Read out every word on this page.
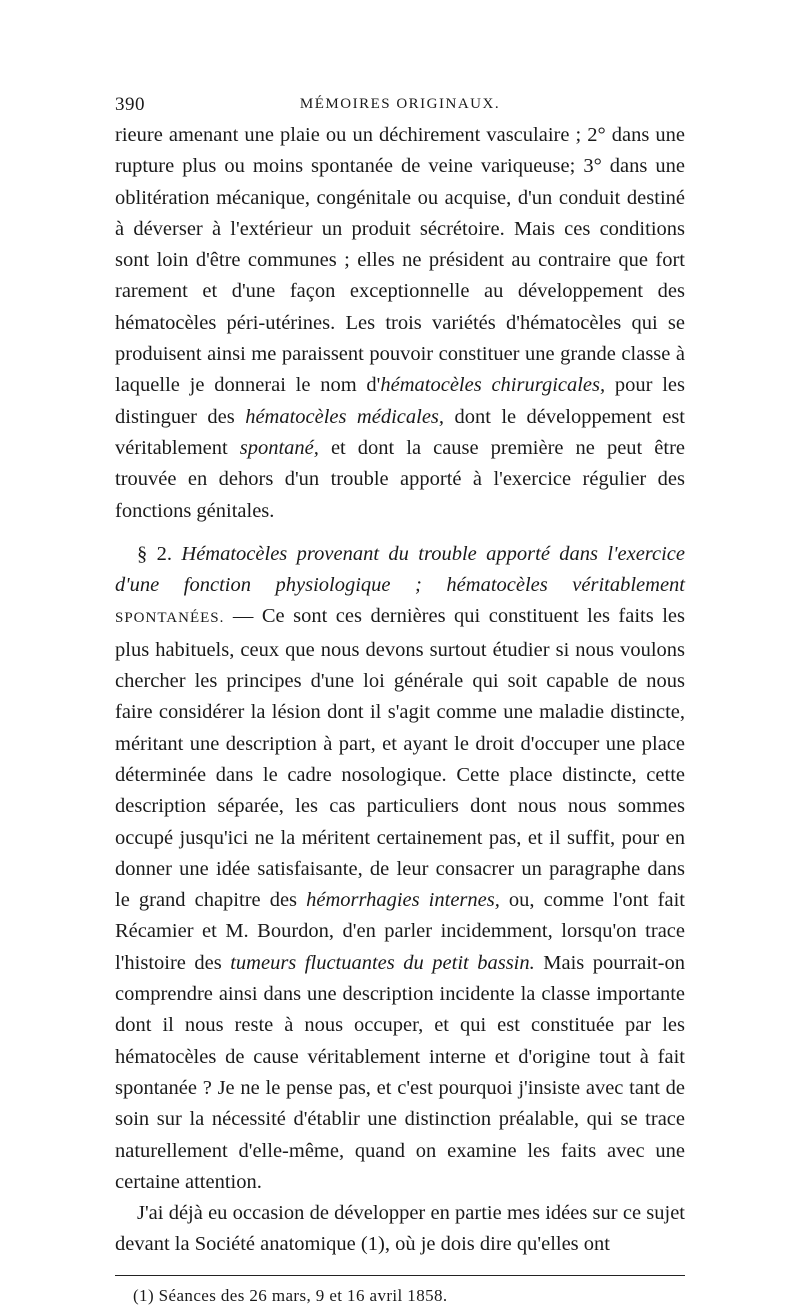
390	MÉMOIRES ORIGINAUX.

rieure amenant une plaie ou un déchirement vasculaire ; 2° dans une rupture plus ou moins spontanée de veine variqueuse; 3° dans une oblitération mécanique, congénitale ou acquise, d'un conduit destiné à déverser à l'extérieur un produit sécrétoire. Mais ces conditions sont loin d'être communes ; elles ne président au contraire que fort rarement et d'une façon exceptionnelle au développement des hématocèles péri-utérines. Les trois variétés d'hématocèles qui se produisent ainsi me paraissent pouvoir constituer une grande classe à laquelle je donnerai le nom d'hématocèles chirurgicales, pour les distinguer des hématocèles médicales, dont le développement est véritablement spontané, et dont la cause première ne peut être trouvée en dehors d'un trouble apporté à l'exercice régulier des fonctions génitales.

§ 2. Hématocèles provenant du trouble apporté dans l'exercice d'une fonction physiologique ; hématocèles véritablement SPONTANÉES. — Ce sont ces dernières qui constituent les faits les plus habituels, ceux que nous devons surtout étudier si nous voulons chercher les principes d'une loi générale qui soit capable de nous faire considérer la lésion dont il s'agit comme une maladie distincte, méritant une description à part, et ayant le droit d'occuper une place déterminée dans le cadre nosologique. Cette place distincte, cette description séparée, les cas particuliers dont nous nous sommes occupé jusqu'ici ne la méritent certainement pas, et il suffit, pour en donner une idée satisfaisante, de leur consacrer un paragraphe dans le grand chapitre des hémorrhagies internes, ou, comme l'ont fait Récamier et M. Bourdon, d'en parler incidemment, lorsqu'on trace l'histoire des tumeurs fluctuantes du petit bassin. Mais pourrait-on comprendre ainsi dans une description incidente la classe importante dont il nous reste à nous occuper, et qui est constituée par les hématocèles de cause véritablement interne et d'origine tout à fait spontanée ? Je ne le pense pas, et c'est pourquoi j'insiste avec tant de soin sur la nécessité d'établir une distinction préalable, qui se trace naturellement d'elle-même, quand on examine les faits avec une certaine attention.

J'ai déjà eu occasion de développer en partie mes idées sur ce sujet devant la Société anatomique (1), où je dois dire qu'elles ont

(1) Séances des 26 mars, 9 et 16 avril 1858.
